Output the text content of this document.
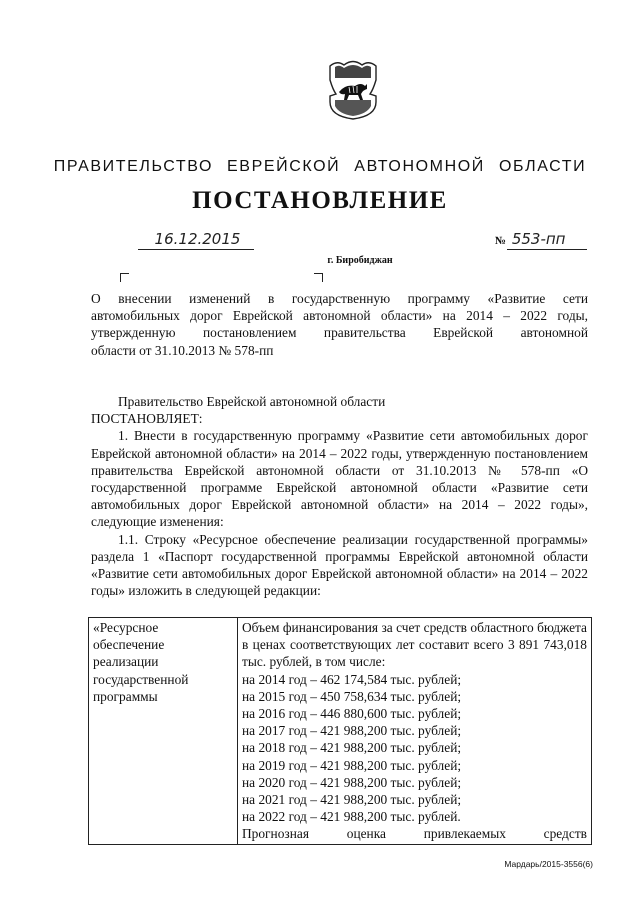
ПРАВИТЕЛЬСТВО ЕВРЕЙСКОЙ АВТОНОМНОЙ ОБЛАСТИ
ПОСТАНОВЛЕНИЕ
16.12.2015	№ 553-пп
г. Биробиджан
О внесении изменений в государственную программу «Развитие сети
автомобильных дорог Еврейской автономной области» на 2014 – 2022 годы,
утвержденную постановлением правительства Еврейской автономной
области от 31.10.2013 № 578-пп

Правительство Еврейской автономной области

ПОСТАНОВЛЯЕТ:

1. Внести в государственную программу «Развитие сети автомобильных дорог Еврейской автономной области» на 2014 – 2022 годы, утвержденную постановлением правительства Еврейской автономной области от 31.10.2013 № 578-пп «О государственной программе Еврейской автономной области «Развитие сети автомобильных дорог Еврейской автономной области» на 2014 – 2022 годы», следующие изменения:

1.1. Строку «Ресурсное обеспечение реализации государственной программы» раздела 1 «Паспорт государственной программы Еврейской автономной области «Развитие сети автомобильных дорог Еврейской автономной области» на 2014 – 2022 годы» изложить в следующей редакции:

«Ресурсное
обеспечение
реализации
государственной
программы

Объем финансирования за счет средств областного бюджета в ценах соответствующих лет составит всего 3 891 743,018 тыс. рублей, в том числе:
на 2014 год – 462 174,584 тыс. рублей;
на 2015 год – 450 758,634 тыс. рублей;
на 2016 год – 446 880,600 тыс. рублей;
на 2017 год – 421 988,200 тыс. рублей;
на 2018 год – 421 988,200 тыс. рублей;
на 2019 год – 421 988,200 тыс. рублей;
на 2020 год – 421 988,200 тыс. рублей;
на 2021 год – 421 988,200 тыс. рублей;
на 2022 год – 421 988,200 тыс. рублей.
Прогнозная оценка привлекаемых средств
Мардарь/2015-3556(6)
